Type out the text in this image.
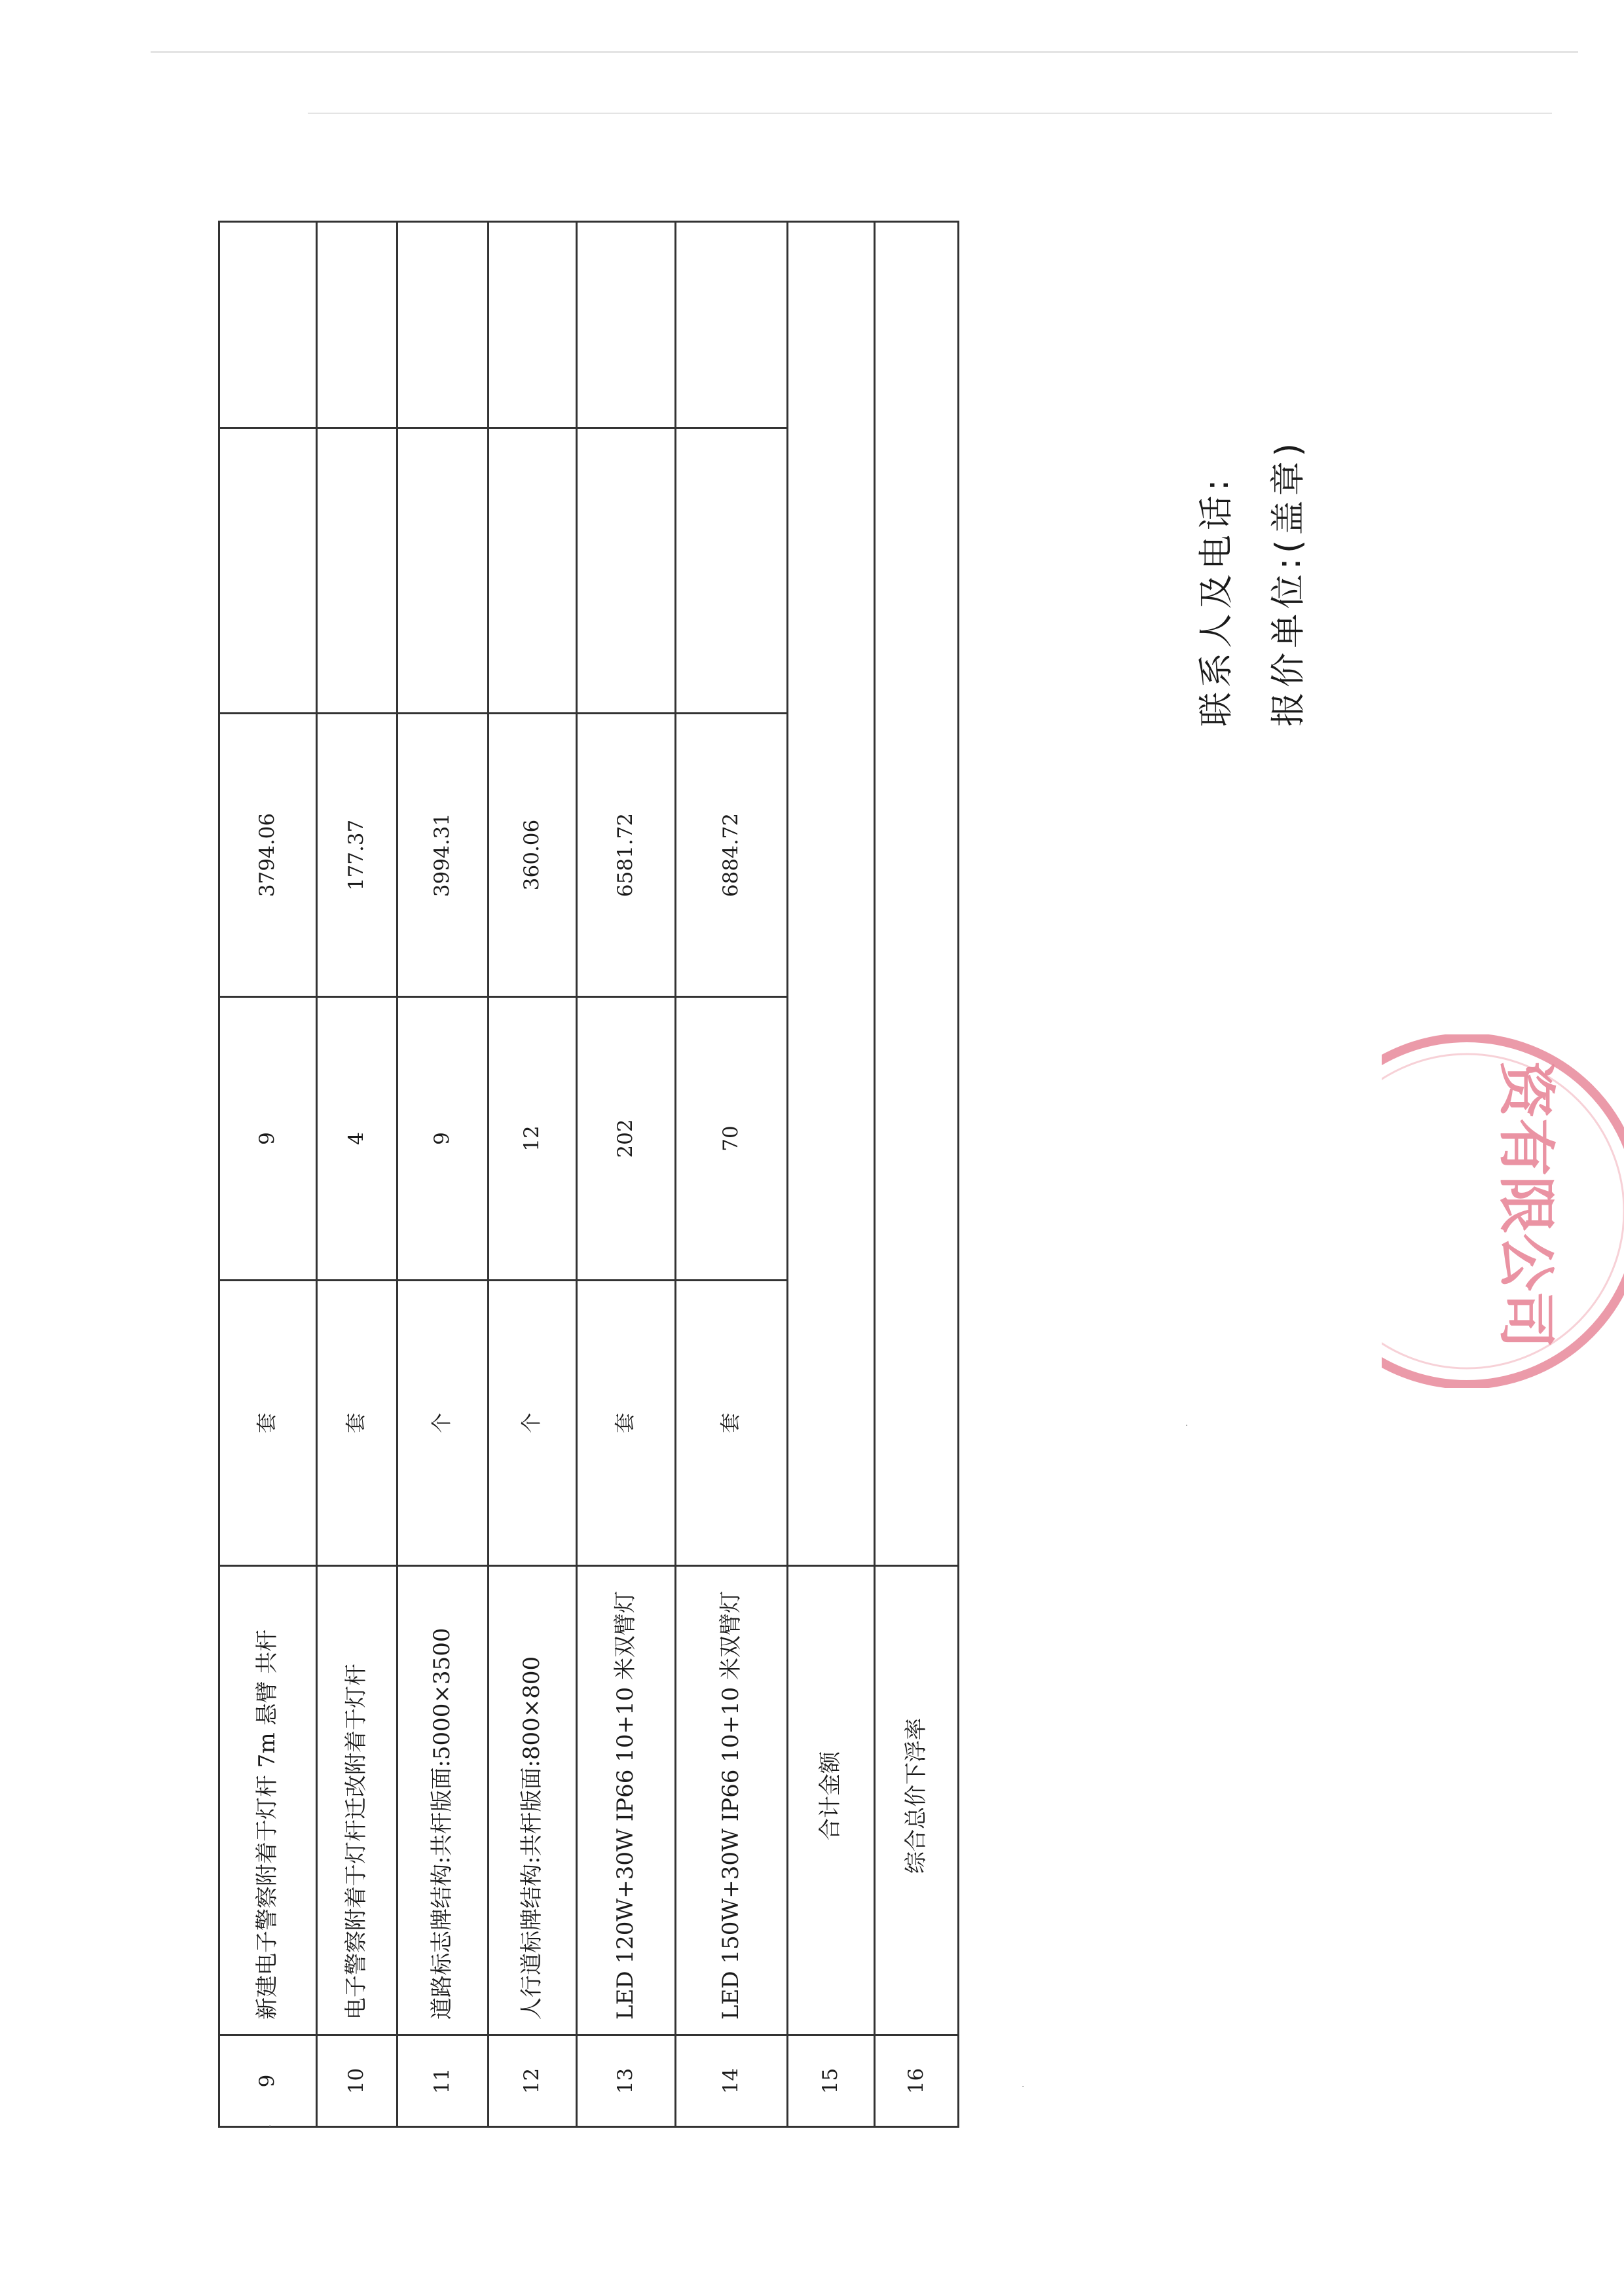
9	新建电子警察附着于灯杆 7m 悬臂 共杆	套	9	3794.06		
10	电子警察附着于灯杆迁改附着于灯杆	套	4	177.37		
11	道路标志牌结构:共杆版面:5000×3500	个	9	3994.31		
12	人行道标牌结构:共杆版面:800×800	个	12	360.06		
13	LED 120W+30W IP66 10+10 米双臂灯	套	202	6581.72		
14	LED 150W+30W IP66 10+10 米双臂灯	套	70	6884.72		
15	合计金额					
16	综合总价下浮率					
联系人及电话: 报价单位:(盖章)
资有限公司
·
·
·
